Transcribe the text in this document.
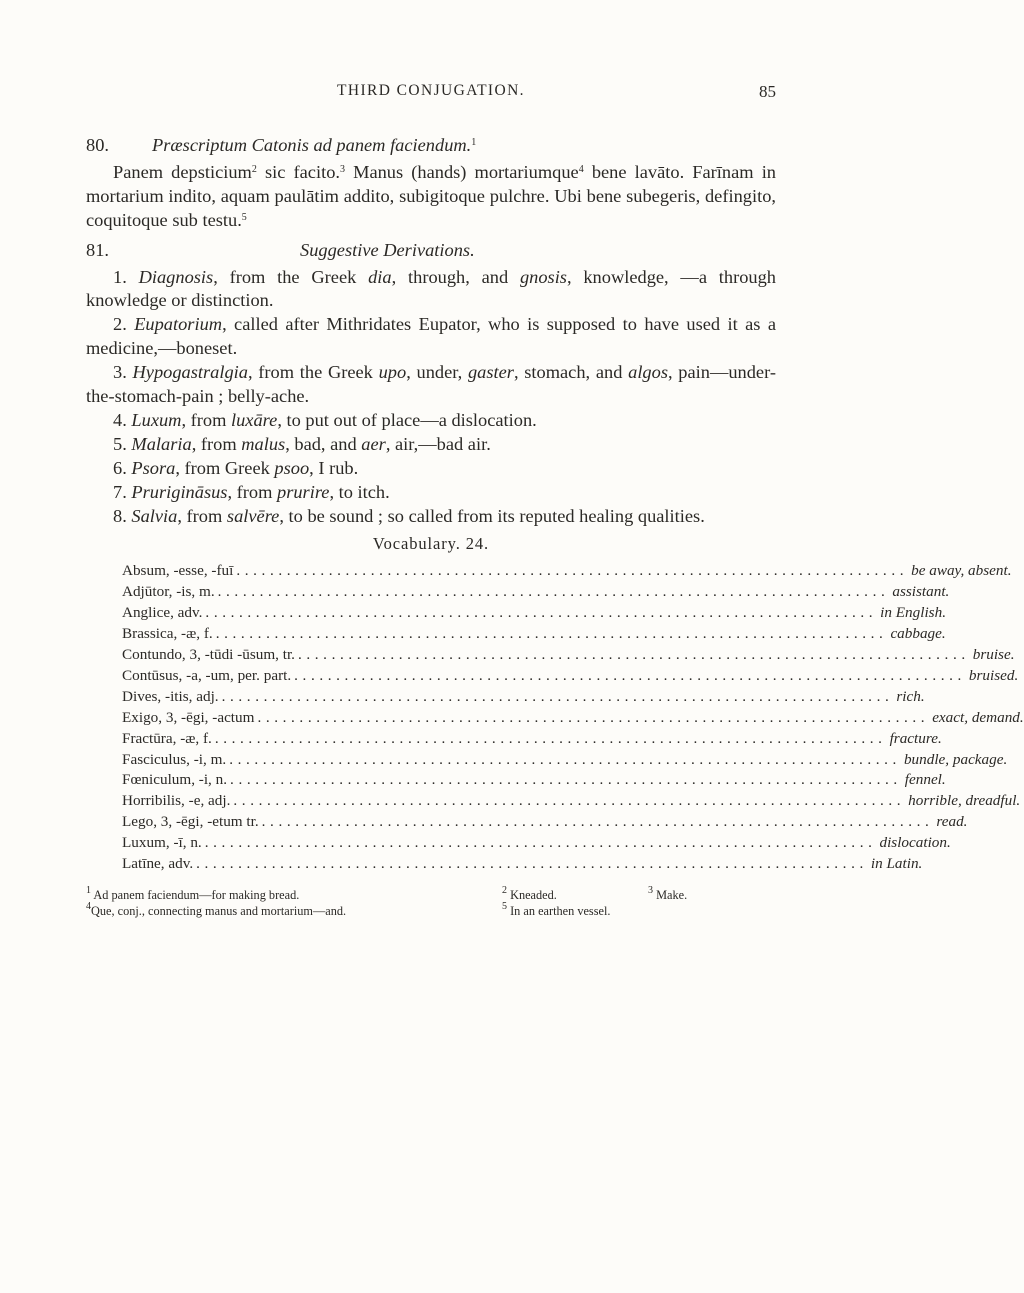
THIRD CONJUGATION.	85

80. Præscriptum Catonis ad panem faciendum.$^1$

Panem depsticium$^2$ sic facito.$^3$ Manus (hands) mortariumque$^4$ bene lavāto. Farīnam in mortarium indito, aquam paulātim addito, subigitoque pulchre. Ubi bene subegeris, defingito, coquitoque sub testu.$^5$

81.	Suggestive Derivations.

1. Diagnosis, from the Greek dia, through, and gnosis, knowledge, —a through knowledge or distinction.

2. Eupatorium, called after Mithridates Eupator, who is supposed to have used it as a medicine,—boneset.

3. Hypogastralgia, from the Greek upo, under, gaster, stomach, and algos, pain—under-the-stomach-pain ; belly-ache.

4. Luxum, from luxāre, to put out of place—a dislocation.

5. Malaria, from malus, bad, and aer, air,—bad air.

6. Psora, from Greek psoo, I rub.

7. Prurigināsus, from prurire, to itch.

8. Salvia, from salvēre, to be sound ; so called from its reputed healing qualities.

Vocabulary. 24.

Absum, -esse, -fuī ................................................................................ be away, absent.
Adjūtor, -is, m. ................................................................................ assistant.
Anglice, adv. ................................................................................ in English.
Brassica, -æ, f. ................................................................................ cabbage.
Contundo, 3, -tūdi -ūsum, tr. ................................................................................ bruise.
Contūsus, -a, -um, per. part. ................................................................................ bruised.
Dives, -itis, adj. ................................................................................ rich.
Exigo, 3, -ēgi, -actum ................................................................................ exact, demand.
Fractūra, -æ, f. ................................................................................ fracture.
Fasciculus, -i, m. ................................................................................ bundle, package.
Fœniculum, -i, n. ................................................................................ fennel.
Horribilis, -e, adj. ................................................................................ horrible, dreadful.
Lego, 3, -ēgi, -etum tr. ................................................................................ read.
Luxum, -ī, n. ................................................................................ dislocation.
Latīne, adv. ................................................................................ in Latin.
$^1$ Ad panem faciendum—for making bread.	$^2$ Kneaded.	$^3$ Make.
$^4$Que, conj., connecting manus and mortarium—and.	$^5$ In an earthen vessel.
